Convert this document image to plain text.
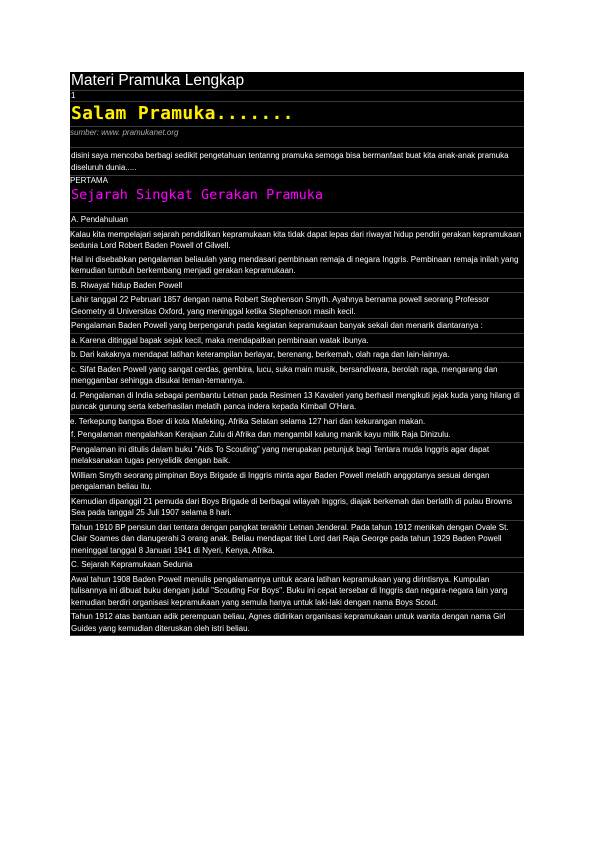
Materi Pramuka Lengkap
1
Salam Pramuka.......
sumber: www. pramukanet.org
disini saya mencoba berbagi sedikit pengetahuan tentanng pramuka semoga bisa bermanfaat buat kita anak-anak pramuka diseluruh dunia.....
PERTAMA
Sejarah Singkat Gerakan Pramuka
A. Pendahuluan
Kalau kita mempelajari sejarah pendidikan kepramukaan kita tidak dapat lepas dari riwayat hidup pendiri gerakan kepramukaan sedunia Lord Robert Baden Powell of Gilwell.
Hal ini disebabkan pengalaman beliaulah yang mendasari pembinaan remaja di negara Inggris. Pembinaan remaja inilah yang kemudian tumbuh berkembang menjadi gerakan kepramukaan.
B. Riwayat hidup Baden Powell
Lahir tanggal 22 Pebruari 1857 dengan nama Robert Stephenson Smyth. Ayahnya bernama powell seorang Professor Geometry di Universitas Oxford, yang meninggal ketika Stephenson masih kecil.
Pengalaman Baden Powell yang berpengaruh pada kegiatan kepramukaan banyak sekali dan menarik diantaranya :
a. Karena ditinggal bapak sejak kecil, maka mendapatkan pembinaan watak ibunya.
b. Dari kakaknya mendapat latihan keterampilan berlayar, berenang, berkemah, olah raga dan lain-lainnya.
c. Sifat Baden Powell yang sangat cerdas, gembira, lucu, suka main musik, bersandiwara, berolah raga, mengarang dan menggambar sehingga disukai teman-temannya.
d. Pengalaman di India sebagai pembantu Letnan pada Resimen 13 Kavaleri yang berhasil mengikuti jejak kuda yang hilang di puncak gunung serta keberhasilan melatih panca indera kepada Kimball O'Hara.
e. Terkepung bangsa Boer di kota Mafeking, Afrika Selatan selama 127 hari dan kekurangan makan.
f. Pengalaman mengalahkan Kerajaan Zulu di Afrika dan mengambil kalung manik kayu milik Raja Dinizulu.
Pengalaman ini ditulis dalam buku "Aids To Scouting" yang merupakan petunjuk bagi Tentara muda Inggris agar dapat melaksanakan tugas penyelidik dengan baik.
William Smyth seorang pimpinan Boys Brigade di Inggris minta agar Baden Powell melatih anggotanya sesuai dengan pengalaman beliau itu.
Kemudian dipanggil 21 pemuda dari Boys Brigade di berbagai wilayah Inggris, diajak berkemah dan berlatih di pulau Browns Sea pada tanggal 25 Juli 1907 selama 8 hari.
Tahun 1910 BP pensiun dari tentara dengan pangkat terakhir Letnan Jenderal. Pada tahun 1912 menikah dengan Ovale St. Clair Soames dan dianugerahi 3 orang anak. Beliau mendapat titel Lord dari Raja George pada tahun 1929 Baden Powell meninggal tanggal 8 Januari 1941 di Nyeri, Kenya, Afrika.
C. Sejarah Kepramukaan Sedunia
Awal tahun 1908 Baden Powell menulis pengalamannya untuk acara latihan kepramukaan yang dirintisnya. Kumpulan tulisannya ini dibuat buku dengan judul "Scouting For Boys". Buku ini cepat tersebar di Inggris dan negara-negara lain yang kemudian berdiri organisasi kepramukaan yang semula hanya untuk laki-laki dengan nama Boys Scout.
Tahun 1912 atas bantuan adik perempuan beliau, Agnes didirikan organisasi kepramukaan untuk wanita dengan nama Girl Guides yang kemudian diteruskan oleh istri beliau.
